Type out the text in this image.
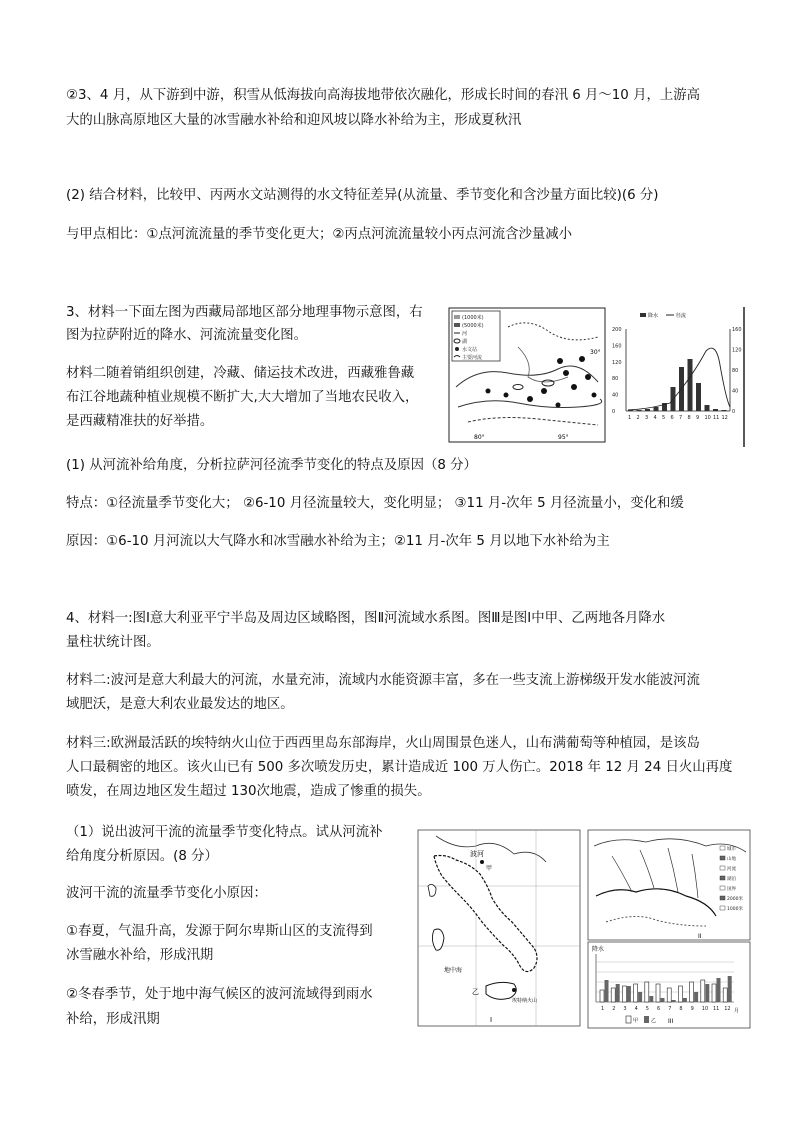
②3、4 月，从下游到中游，积雪从低海拔向高海拔地带依次融化，形成长时间的春汛 6 月～10 月，上游高
大的山脉高原地区大量的冰雪融水补给和迎风坡以降水补给为主，形成夏秋汛
(2) 结合材料，比较甲、丙两水文站测得的水文特征差异(从流量、季节变化和含沙量方面比较)(6 分)
与甲点相比：①点河流流量的季节变化更大；②丙点河流流量较小丙点河流含沙量减小
3、材料一下面左图为西藏局部地区部分地理事物示意图，右
图为拉萨附近的降水、河流流量变化图。
材料二随着销组织创建，冷藏、储运技术改进，西藏雅鲁藏
布江谷地蔬种植业规模不断扩大,大大增加了当地农民收入，
是西藏精准扶的好举措。
(1000米)
(5000米)
河
湖
水文站
主要河流
80°	95°
30°
200
160
120
80
40
0
160
120
80
40
0
降水	径流
1 2 3 4 5 6 7 8 9 10 11 12
(1) 从河流补给角度，分析拉萨河径流季节变化的特点及原因（8 分）
特点：①径流量季节变化大； ②6-10 月径流量较大，变化明显； ③11 月-次年 5 月径流量小，变化和缓
原因：①6-10 月河流以大气降水和冰雪融水补给为主；②11 月-次年 5 月以地下水补给为主
4、材料一:图Ⅰ意大利亚平宁半岛及周边区域略图，图Ⅱ河流域水系图。图Ⅲ是图Ⅰ中甲、乙两地各月降水
量柱状统计图。
材料二:波河是意大利最大的河流，水量充沛，流域内水能资源丰富，多在一些支流上游梯级开发水能波河流
域肥沃，是意大利农业最发达的地区。
材料三:欧洲最活跃的埃特纳火山位于西西里岛东部海岸，火山周围景色迷人，山布满葡萄等种植园，是该岛
人口最稠密的地区。该火山已有 500 多次喷发历史，累计造成近 100 万人伤亡。2018 年 12 月 24 日火山再度
喷发，在周边地区发生超过 130次地震，造成了惨重的损失。
（1）说出波河干流的流量季节变化特点。试从河流补
给角度分析原因。(8 分）
波河干流的流量季节变化小原因：
①春夏，气温升高，发源于阿尔卑斯山区的支流得到
冰雪融水补给，形成汛期
②冬春季节，处于地中海气候区的波河流域得到雨水
补给，形成汛期
波河
甲
地中海
乙
埃特纳火山
I
城市
山地
河流
湖泊
国界
2000米
1000米
II
降水
1 2 3 4 5 6 7 8 9 10 11 12 月
甲	乙 III
